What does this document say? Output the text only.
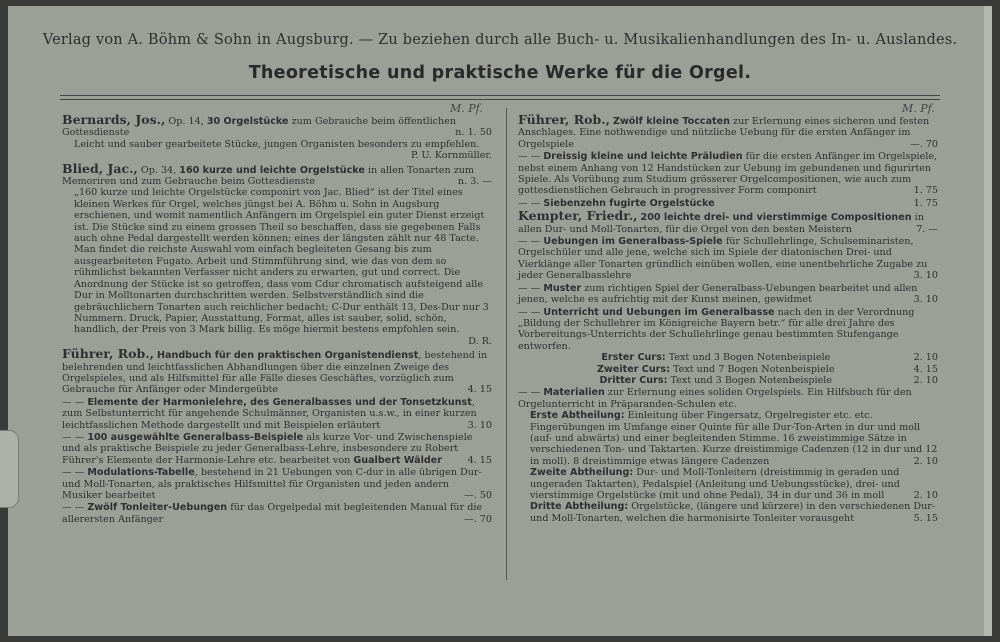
Verlag von A. Böhm & Sohn in Augsburg. — Zu beziehen durch alle Buch- u. Musikalienhandlungen des In- u. Auslandes.
Theoretische und praktische Werke für die Orgel.
M. Pf.	M. Pf.

Bernards, Jos., Op. 14, 30 Orgelstücke zum Gebrauche beim öffentlichen Gottesdienste	n. 1. 50

Leicht und sauber gearbeitete Stücke, jungen Organisten besonders zu empfehlen.

P. U. Kornmüller.

Blied, Jac., Op. 34, 160 kurze und leichte Orgelstücke in allen Tonarten zum Memoriren und zum Gebrauche beim Gottesdienste	n. 3. —

„160 kurze und leichte Orgelstücke componirt von Jac. Blied“ ist der Titel eines kleinen Werkes für Orgel, welches jüngst bei A. Böhm u. Sohn in Augsburg erschienen, und womit namentlich Anfängern im Orgelspiel ein guter Dienst erzeigt ist. Die Stücke sind zu einem grossen Theil so beschaffen, dass sie gegebenen Falls auch ohne Pedal dargestellt werden können; eines der längsten zählt nur 48 Tacte. Man findet die reichste Auswahl vom einfach begleiteten Gesang bis zum ausgearbeiteten Fugato. Arbeit und Stimmführung sind, wie das von dem so rühmlichst bekannten Verfasser nicht anders zu erwarten, gut und correct. Die Anordnung der Stücke ist so getroffen, dass vom Cdur chromatisch aufsteigend alle Dur in Molltonarten durchschritten werden. Selbstverständlich sind die gebräuchlichern Tonarten auch reichlicher bedacht; C-Dur enthält 13, Des-Dur nur 3 Nummern. Druck, Papier, Ausstattung, Format, alles ist sauber, solid, schön, handlich, der Preis von 3 Mark billig. Es möge hiermit bestens empfohlen sein.

D. R.

Führer, Rob., Handbuch für den praktischen Organistendienst, bestehend in belehrenden und leichtfasslichen Abhandlungen über die einzelnen Zweige des Orgelspieles, und als Hilfsmittel für alle Fälle dieses Geschäftes, vorzüglich zum Gebrauche für Anfänger oder Mindergeübte	4. 15

— — Elemente der Harmonielehre, des Generalbasses und der Tonsetzkunst, zum Selbstunterricht für angehende Schulmänner, Organisten u.s.w., in einer kurzen leichtfasslichen Methode dargestellt und mit Beispielen erläutert	3. 10

— — 100 ausgewählte Generalbass-Beispiele als kurze Vor- und Zwischenspiele und als praktische Beispiele zu jeder Generalbass-Lehre, insbesondere zu Robert Führer's Elemente der Harmonie-Lehre etc. bearbeitet von Gualbert Wälder	4. 15

— — Modulations-Tabelle, bestehend in 21 Uebungen von C-dur in alle übrigen Dur- und Moll-Tonarten, als praktisches Hilfsmittel für Organisten und jeden andern Musiker bearbeitet	—. 50

— — Zwölf Tonleiter-Uebungen für das Orgelpedal mit begleitenden Manual für die allerersten Anfänger	—. 70

Führer, Rob., Zwölf kleine Toccaten zur Erlernung eines sicheren und festen Anschlages. Eine nothwendige und nützliche Uebung für die ersten Anfänger im Orgelspiele	—. 70

— — Dreissig kleine und leichte Präludien für die ersten Anfänger im Orgelspiele, nebst einem Anhang von 12 Handstücken zur Uebung im gebundenen und figurirten Spiele. Als Vorübung zum Studium grösserer Orgelcompositionen, wie auch zum gottesdienstlichen Gebrauch in progressiver Form componirt	1. 75

— — Siebenzehn fugirte Orgelstücke	1. 75

Kempter, Friedr., 200 leichte drei- und vierstimmige Compositionen in allen Dur- und Moll-Tonarten, für die Orgel von den besten Meistern	7. —

— — Uebungen im Generalbass-Spiele für Schullehrlinge, Schulseminaristen, Orgelschüler und alle jene, welche sich im Spiele der diatonischen Drei- und Vierklänge aller Tonarten gründlich einüben wollen, eine unentbehrliche Zugabe zu jeder Generalbasslehre	3. 10

— — Muster zum richtigen Spiel der Generalbass-Uebungen bearbeitet und allen jenen, welche es aufrichtig mit der Kunst meinen, gewidmet	3. 10

— — Unterricht und Uebungen im Generalbasse nach den in der Verordnung „Bildung der Schullehrer im Königreiche Bayern betr.“ für alle drei Jahre des Vorbereitungs-Unterrichts der Schullehrlinge genau bestimmten Stufengange entworfen.

Erster Curs: Text und 3 Bogen Notenbeispiele	2. 10

Zweiter Curs: Text und 7 Bogen Notenbeispiele	4. 15

Dritter Curs: Text und 3 Bogen Notenbeispiele	2. 10

— — Materialien zur Erlernung eines soliden Orgelspiels. Ein Hilfsbuch für den Orgelunterricht in Präparanden-Schulen etc.

Erste Abtheilung: Einleitung über Fingersatz, Orgelregister etc. etc. Fingerübungen im Umfange einer Quinte für alle Dur-Ton-Arten in dur und moll (auf- und abwärts) und einer begleitenden Stimme. 16 zweistimmige Sätze in verschiedenen Ton- und Taktarten. Kurze dreistimmige Cadenzen (12 in dur und 12 in moll). 8 dreistimmige etwas längere Cadenzen	2. 10

Zweite Abtheilung: Dur- und Moll-Tonleitern (dreistimmig in geraden und ungeraden Taktarten), Pedalspiel (Anleitung und Uebungsstücke), drei- und vierstimmige Orgelstücke (mit und ohne Pedal), 34 in dur und 36 in moll	2. 10

Dritte Abtheilung: Orgelstücke, (längere und kürzere) in den verschiedenen Dur- und Moll-Tonarten, welchen die harmonisirte Tonleiter vorausgeht	5. 15
